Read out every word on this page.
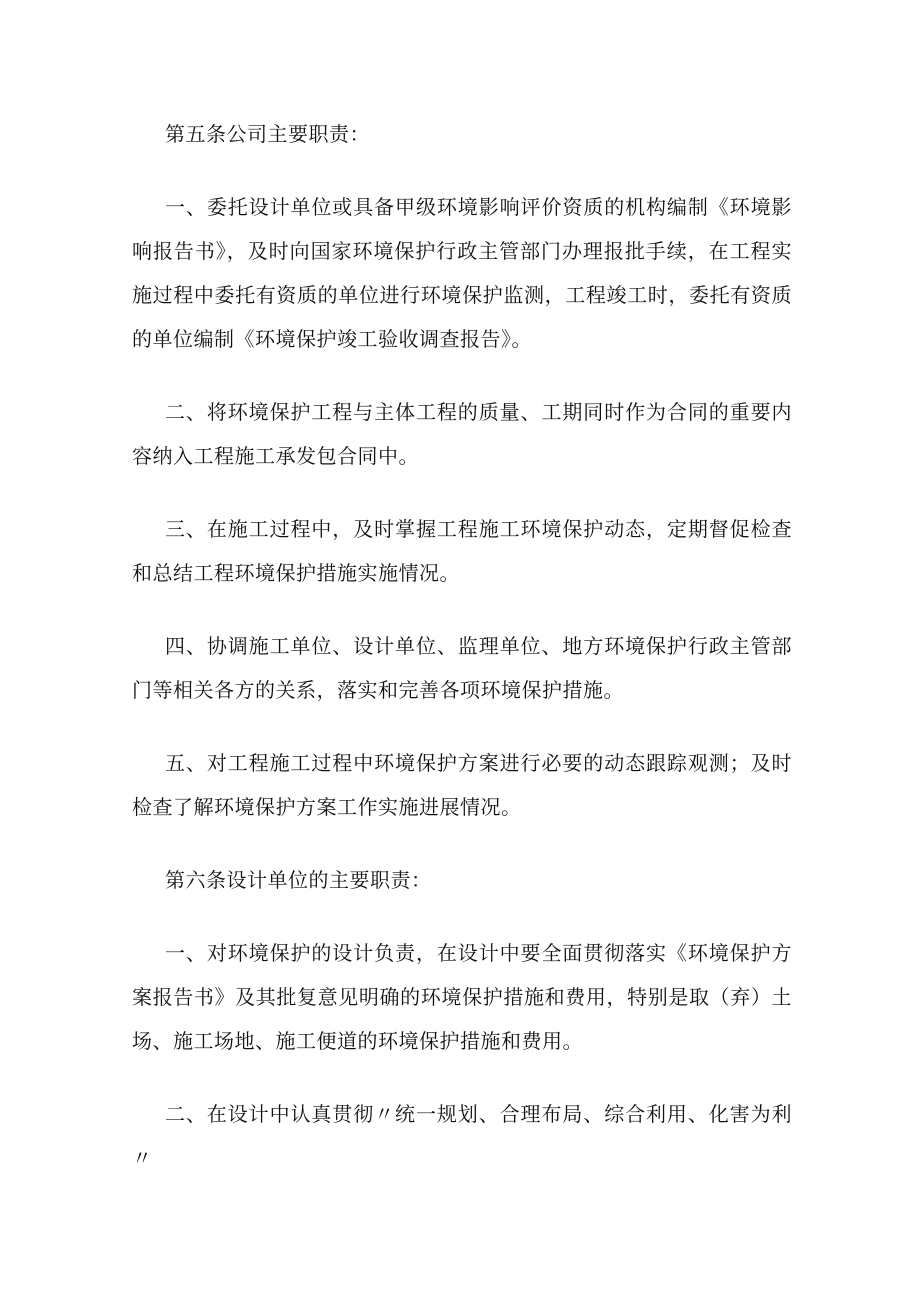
第五条公司主要职责：

一、委托设计单位或具备甲级环境影响评价资质的机构编制《环境影响报告书》，及时向国家环境保护行政主管部门办理报批手续，在工程实施过程中委托有资质的单位进行环境保护监测，工程竣工时，委托有资质的单位编制《环境保护竣工验收调查报告》。

二、将环境保护工程与主体工程的质量、工期同时作为合同的重要内容纳入工程施工承发包合同中。

三、在施工过程中，及时掌握工程施工环境保护动态，定期督促检查和总结工程环境保护措施实施情况。

四、协调施工单位、设计单位、监理单位、地方环境保护行政主管部门等相关各方的关系，落实和完善各项环境保护措施。

五、对工程施工过程中环境保护方案进行必要的动态跟踪观测；及时检查了解环境保护方案工作实施进展情况。

第六条设计单位的主要职责：

一、对环境保护的设计负责，在设计中要全面贯彻落实《环境保护方案报告书》及其批复意见明确的环境保护措施和费用，特别是取（弃）土场、施工场地、施工便道的环境保护措施和费用。

二、在设计中认真贯彻〃统一规划、合理布局、综合利用、化害为利〃
